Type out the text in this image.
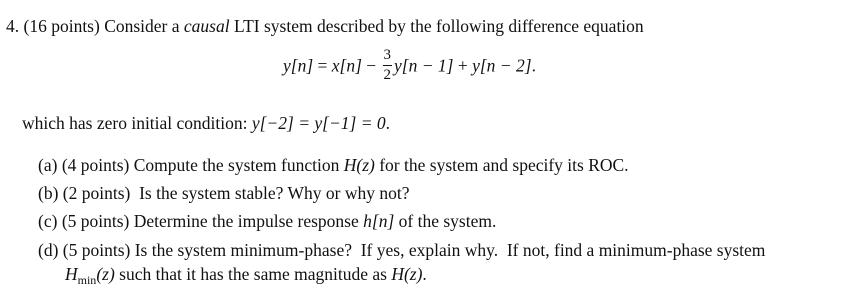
4. (16 points) Consider a causal LTI system described by the following difference equation
$y[n] = x[n] - \frac{3}{2} y[n - 1] + y[n - 2]$.
which has zero initial condition: y[−2] = y[−1] = 0.
(a) (4 points) Compute the system function H(z) for the system and specify its ROC.
(b) (2 points)  Is the system stable? Why or why not?
(c) (5 points) Determine the impulse response h[n] of the system.
(d) (5 points) Is the system minimum-phase?  If yes, explain why.  If not, find a minimum-phase system
$H_{min}(z)$ such that it has the same magnitude as H(z).
